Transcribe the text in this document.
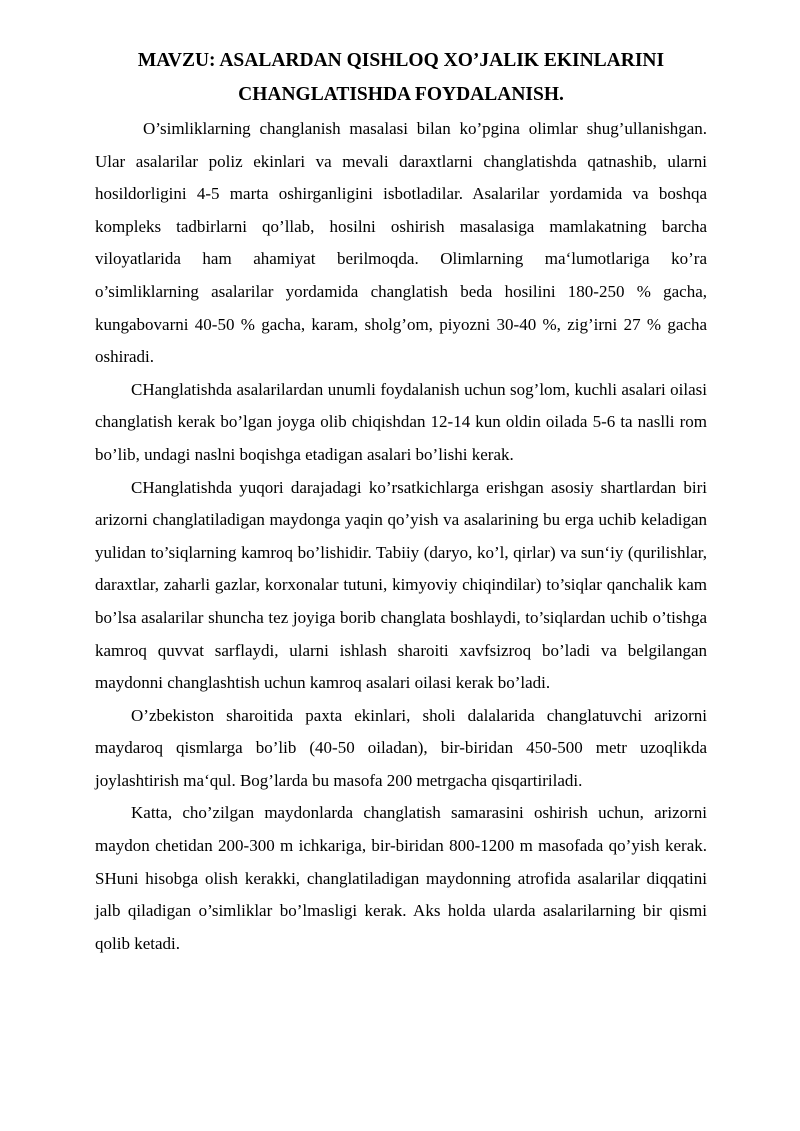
MAVZU: ASALARDAN QISHLOQ XO’JALIK EKINLARINI
CHANGLATISHDA FOYDALANISH.

O’simliklarning changlanish masalasi bilan ko’pgina olimlar shug’ullanishgan. Ular asalarilar poliz ekinlari va mevali daraxtlarni changlatishda qatnashib, ularni hosildorligini 4-5 marta oshirganligini isbotladilar. Asalarilar yordamida va boshqa kompleks tadbirlarni qo’llab, hosilni oshirish masalasiga mamlakatning barcha viloyatlarida ham ahamiyat berilmoqda. Olimlarning ma‘lumotlariga ko’ra o’simliklarning asalarilar yordamida changlatish beda hosilini 180-250 % gacha, kungabovarni 40-50 % gacha, karam, sholg’om, piyozni 30-40 %, zig’irni 27 % gacha oshiradi.

CHanglatishda asalarilardan unumli foydalanish uchun sog’lom, kuchli asalari oilasi changlatish kerak bo’lgan joyga olib chiqishdan 12-14 kun oldin oilada 5-6 ta naslli rom bo’lib, undagi naslni boqishga etadigan asalari bo’lishi kerak.

CHanglatishda yuqori darajadagi ko’rsatkichlarga erishgan asosiy shartlardan biri arizorni changlatiladigan maydonga yaqin qo’yish va asalarining bu erga uchib keladigan yulidan to’siqlarning kamroq bo’lishidir. Tabiiy (daryo, ko’l, qirlar) va sun‘iy (qurilishlar, daraxtlar, zaharli gazlar, korxonalar tutuni, kimyoviy chiqindilar) to’siqlar qanchalik kam bo’lsa asalarilar shuncha tez joyiga borib changlata boshlaydi, to’siqlardan uchib o’tishga kamroq quvvat sarflaydi, ularni ishlash sharoiti xavfsizroq bo’ladi va belgilangan maydonni changlashtish uchun kamroq asalari oilasi kerak bo’ladi.

O’zbekiston sharoitida paxta ekinlari, sholi dalalarida changlatuvchi arizorni maydaroq qismlarga bo’lib (40-50 oiladan), bir-biridan 450-500 metr uzoqlikda joylashtirish ma‘qul. Bog’larda bu masofa 200 metrgacha qisqartiriladi.

Katta, cho’zilgan maydonlarda changlatish samarasini oshirish uchun, arizorni maydon chetidan 200-300 m ichkariga, bir-biridan 800-1200 m masofada qo’yish kerak. SHuni hisobga olish kerakki, changlatiladigan maydonning atrofida asalarilar diqqatini jalb qiladigan o’simliklar bo’lmasligi kerak. Aks holda ularda asalarilarning bir qismi qolib ketadi.
